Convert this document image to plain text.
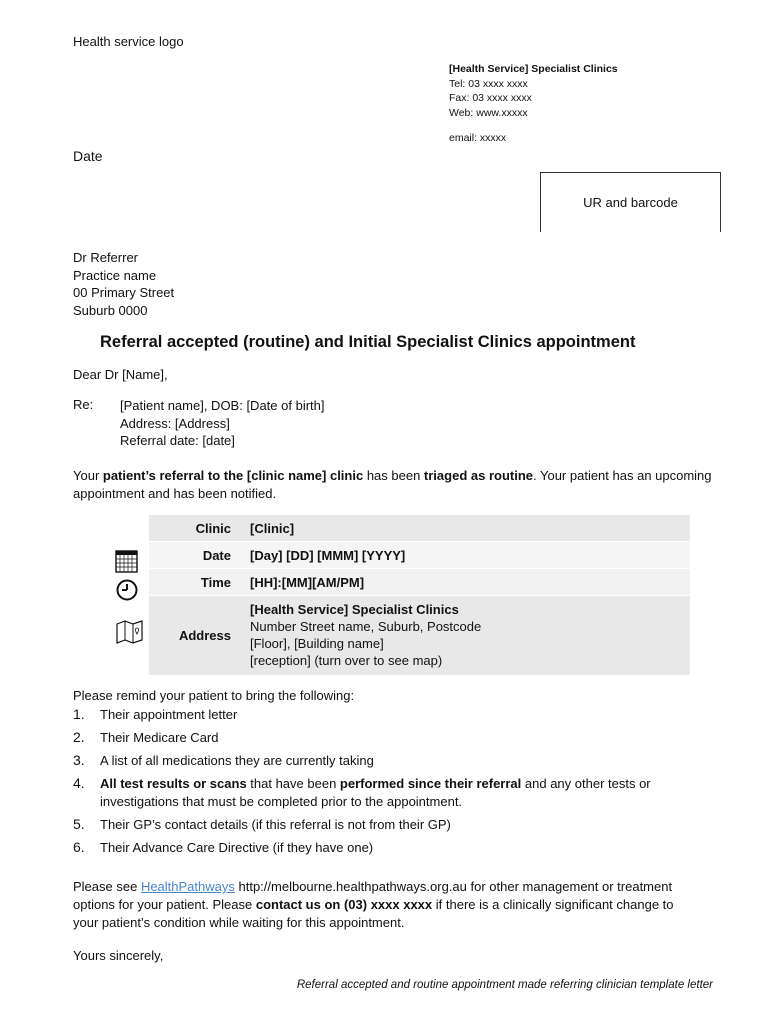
Health service logo
[Health Service] Specialist Clinics
Tel: 03 xxxx xxxx
Fax: 03 xxxx xxxx
Web: www.xxxxx
email: xxxxx
Date
UR and barcode
Dr Referrer
Practice name
00 Primary Street
Suburb 0000
Referral accepted (routine) and Initial Specialist Clinics appointment
Dear Dr [Name],
Re: [Patient name], DOB: [Date of birth]
Address: [Address]
Referral date: [date]
Your patient’s referral to the [clinic name] clinic has been triaged as routine. Your patient has an upcoming appointment and has been notified.
Clinic	[Clinic]
Date	[Day] [DD] [MMM] [YYYY]
Time	[HH]:[MM][AM/PM]
Address	[Health Service] Specialist Clinics
Number Street name, Suburb, Postcode
[Floor], [Building name]
[reception] (turn over to see map)
Please remind your patient to bring the following:
1. Their appointment letter
2. Their Medicare Card
3. A list of all medications they are currently taking
4. All test results or scans that have been performed since their referral and any other tests or investigations that must be completed prior to the appointment.
5. Their GP’s contact details (if this referral is not from their GP)
6. Their Advance Care Directive (if they have one)
Please see HealthPathways http://melbourne.healthpathways.org.au for other management or treatment options for your patient. Please contact us on (03) xxxx xxxx if there is a clinically significant change to your patient’s condition while waiting for this appointment.
Yours sincerely,
Referral accepted and routine appointment made referring clinician template letter
